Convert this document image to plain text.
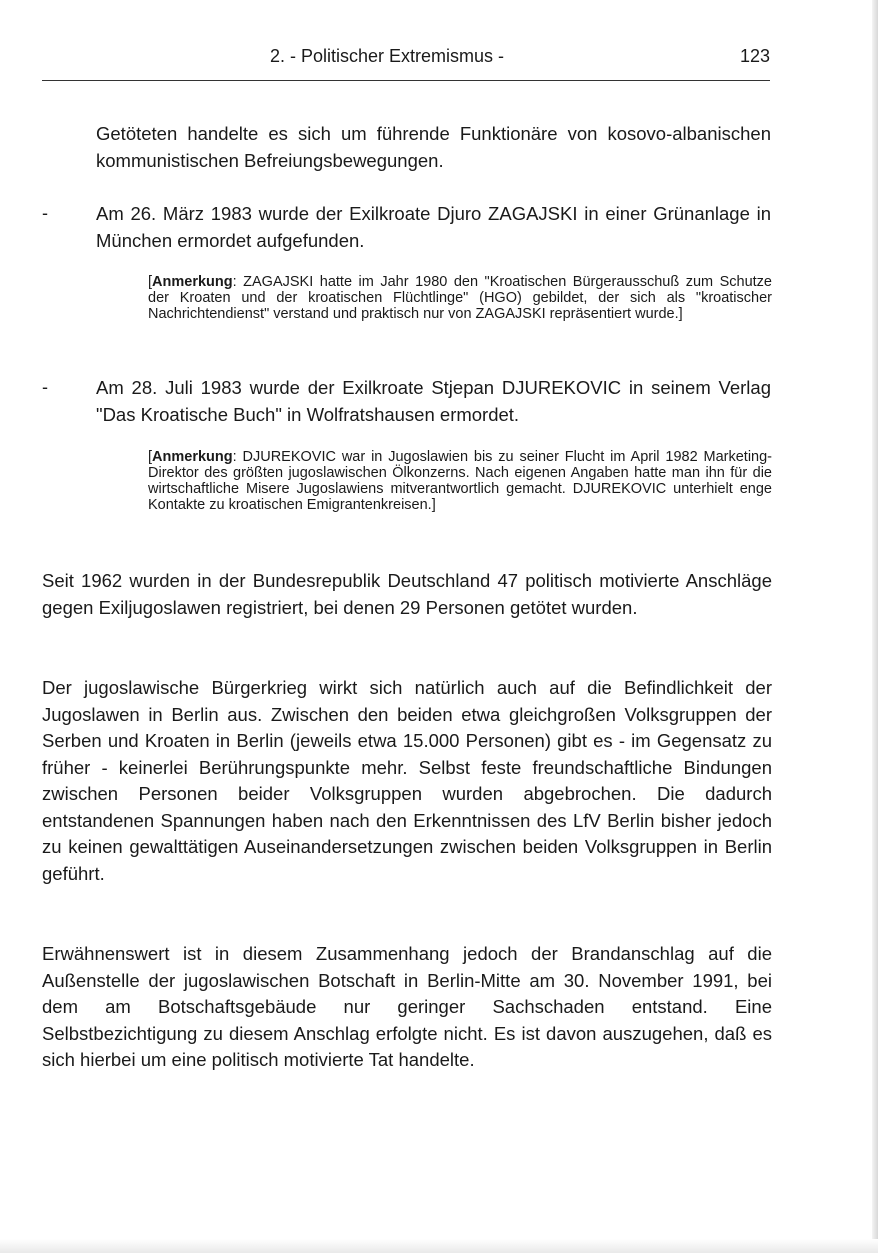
2. - Politischer Extremismus -	123

Getöteten handelte es sich um führende Funktionäre von kosovo-albanischen kommunistischen Befreiungsbewegungen.

-	Am 26. März 1983 wurde der Exilkroate Djuro ZAGAJSKI in einer Grünanlage in München ermordet aufgefunden.

[Anmerkung: ZAGAJSKI hatte im Jahr 1980 den "Kroatischen Bürgerausschuß zum Schutze der Kroaten und der kroatischen Flüchtlinge" (HGO) gebildet, der sich als "kroatischer Nachrichtendienst" verstand und praktisch nur von ZAGAJSKI repräsentiert wurde.]

-	Am 28. Juli 1983 wurde der Exilkroate Stjepan DJUREKOVIC in seinem Verlag "Das Kroatische Buch" in Wolfratshausen ermordet.

[Anmerkung: DJUREKOVIC war in Jugoslawien bis zu seiner Flucht im April 1982 Marketing-Direktor des größten jugoslawischen Ölkonzerns. Nach eigenen Angaben hatte man ihn für die wirtschaftliche Misere Jugoslawiens mitverantwortlich gemacht. DJUREKOVIC unterhielt enge Kontakte zu kroatischen Emigrantenkreisen.]

Seit 1962 wurden in der Bundesrepublik Deutschland 47 politisch motivierte Anschläge gegen Exiljugoslawen registriert, bei denen 29 Personen getötet wurden.

Der jugoslawische Bürgerkrieg wirkt sich natürlich auch auf die Befindlichkeit der Jugoslawen in Berlin aus. Zwischen den beiden etwa gleichgroßen Volksgruppen der Serben und Kroaten in Berlin (jeweils etwa 15.000 Personen) gibt es - im Gegensatz zu früher - keinerlei Berührungspunkte mehr. Selbst feste freundschaftliche Bindungen zwischen Personen beider Volksgruppen wurden abgebrochen. Die dadurch entstandenen Spannungen haben nach den Erkenntnissen des LfV Berlin bisher jedoch zu keinen gewalttätigen Auseinandersetzungen zwischen beiden Volksgruppen in Berlin geführt.

Erwähnenswert ist in diesem Zusammenhang jedoch der Brandanschlag auf die Außenstelle der jugoslawischen Botschaft in Berlin-Mitte am 30. November 1991, bei dem am Botschaftsgebäude nur geringer Sachschaden entstand. Eine Selbstbezichtigung zu diesem Anschlag erfolgte nicht. Es ist davon auszugehen, daß es sich hierbei um eine politisch motivierte Tat handelte.
